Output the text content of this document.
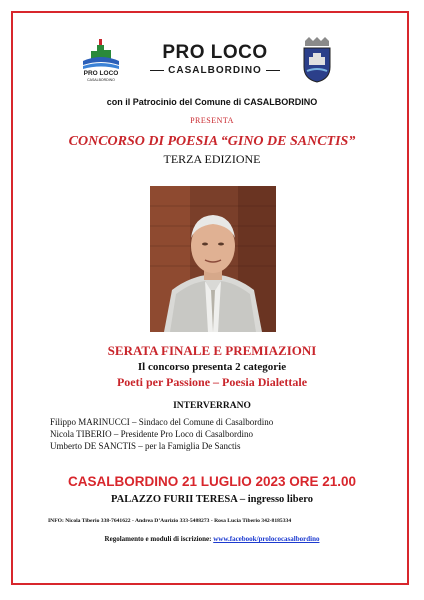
PRO LOCO
CASALBORDINO
PRO LOCO
CASALBORDINO
con il Patrocinio del Comune di CASALBORDINO
PRESENTA
CONCORSO DI POESIA “GINO DE SANCTIS”
TERZA EDIZIONE
SERATA FINALE E PREMIAZIONI
Il concorso presenta 2 categorie
Poeti per Passione – Poesia Dialettale
INTERVERRANO
Filippo MARINUCCI – Sindaco del Comune di Casalbordino
Nicola TIBERIO – Presidente Pro Loco di Casalbordino
Umberto DE SANCTIS – per la Famiglia De Sanctis
CASALBORDINO 21 LUGLIO 2023 ORE 21.00
PALAZZO FURII TERESA – ingresso libero
INFO: Nicola Tiberio 338-7641622 - Andrea D’Aurizio 333-5488273 - Rosa Lucia Tiberio 342-8185334
Regolamento e moduli di iscrizione: www.facebook/prolococasalbordino
